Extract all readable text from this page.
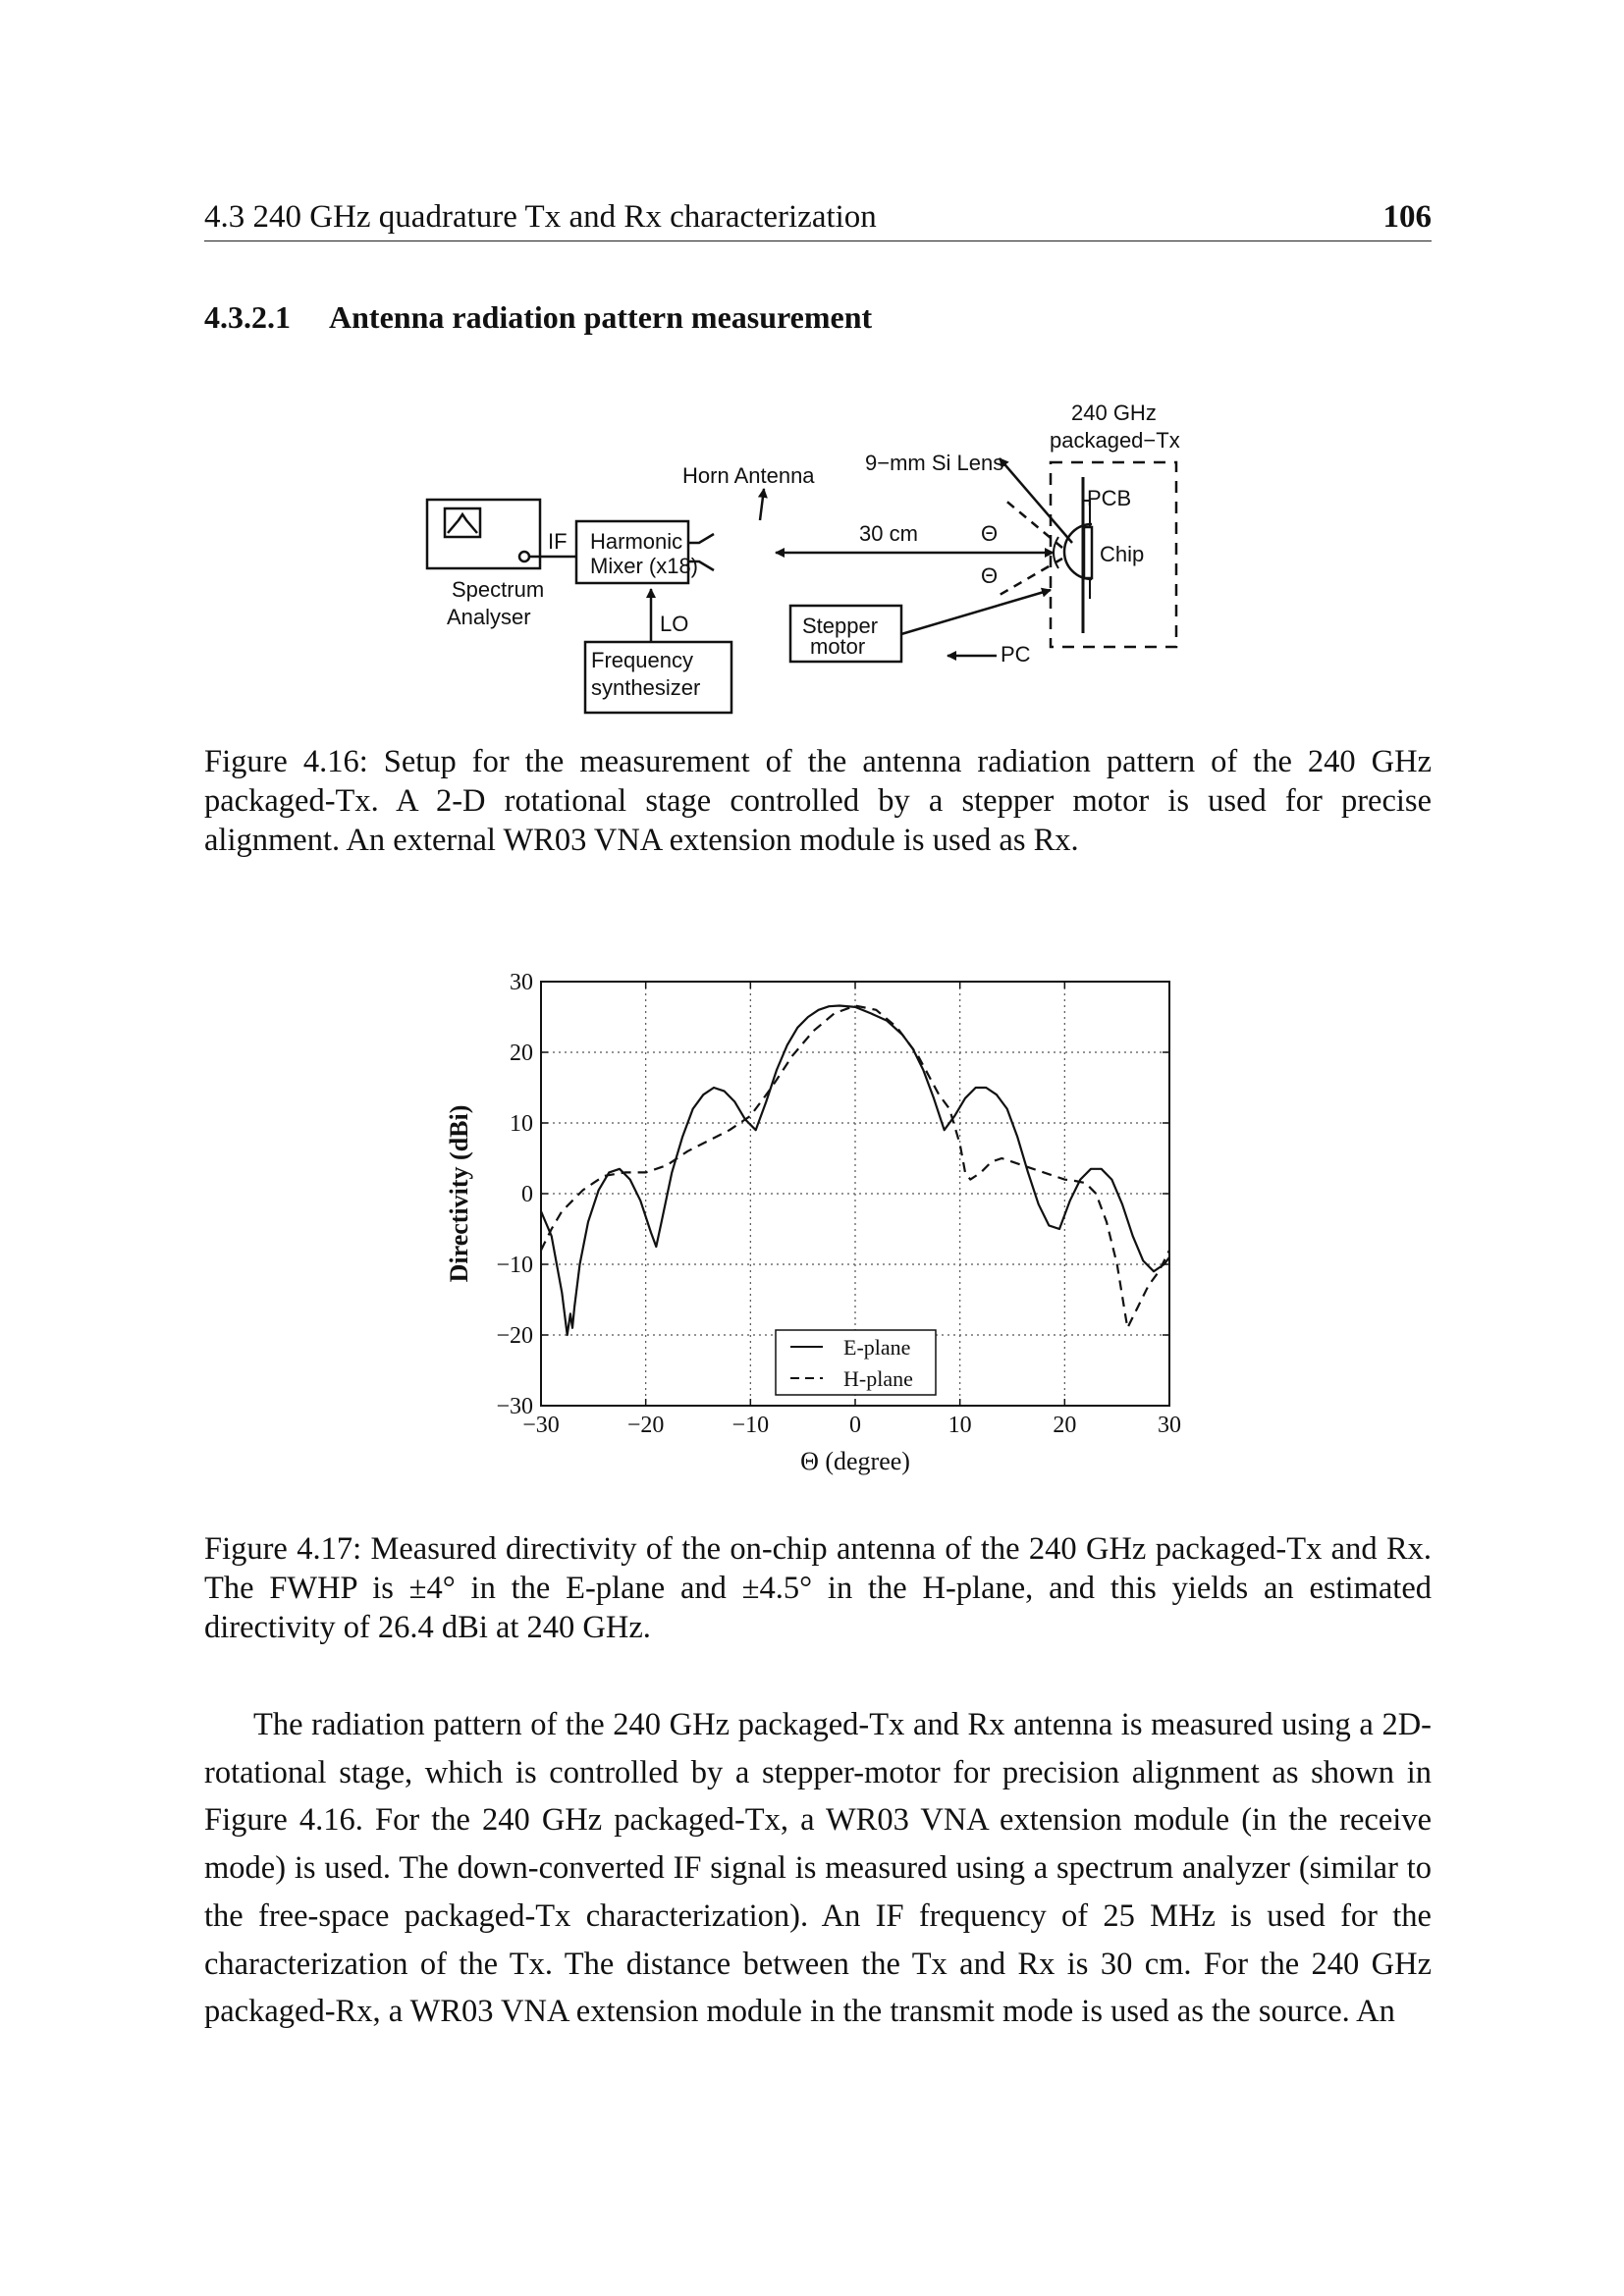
4.3 240 GHz quadrature Tx and Rx characterization	106
4.3.2.1 Antenna radiation pattern measurement
Spectrum
Analyser
IF Harmonic
Mixer (x18)
LO
Frequency
synthesizer
Horn Antenna
30 cm
9−mm Si Lens
Θ
Θ
240 GHz
packaged−Tx
PCB
Chip
Stepper
motor	PC
Figure 4.16: Setup for the measurement of the antenna radiation pattern of the 240 GHz packaged-Tx. A 2-D rotational stage controlled by a stepper motor is used for precise alignment. An external WR03 VNA extension module is used as Rx.
−30	−20	−10	0	10	20	30
−30
−20
−10
0
10
20
30
E-plane
H-plane
Θ (degree)
Directivity (dBi)
Figure 4.17: Measured directivity of the on-chip antenna of the 240 GHz packaged-Tx and Rx. The FWHP is ±4° in the E-plane and ±4.5° in the H-plane, and this yields an estimated directivity of 26.4 dBi at 240 GHz.
The radiation pattern of the 240 GHz packaged-Tx and Rx antenna is measured using a 2D-rotational stage, which is controlled by a stepper-motor for precision alignment as shown in Figure 4.16. For the 240 GHz packaged-Tx, a WR03 VNA extension module (in the receive mode) is used. The down-converted IF signal is measured using a spectrum analyzer (similar to the free-space packaged-Tx characterization). An IF frequency of 25 MHz is used for the characterization of the Tx. The distance between the Tx and Rx is 30 cm. For the 240 GHz packaged-Rx, a WR03 VNA extension module in the transmit mode is used as the source. An
